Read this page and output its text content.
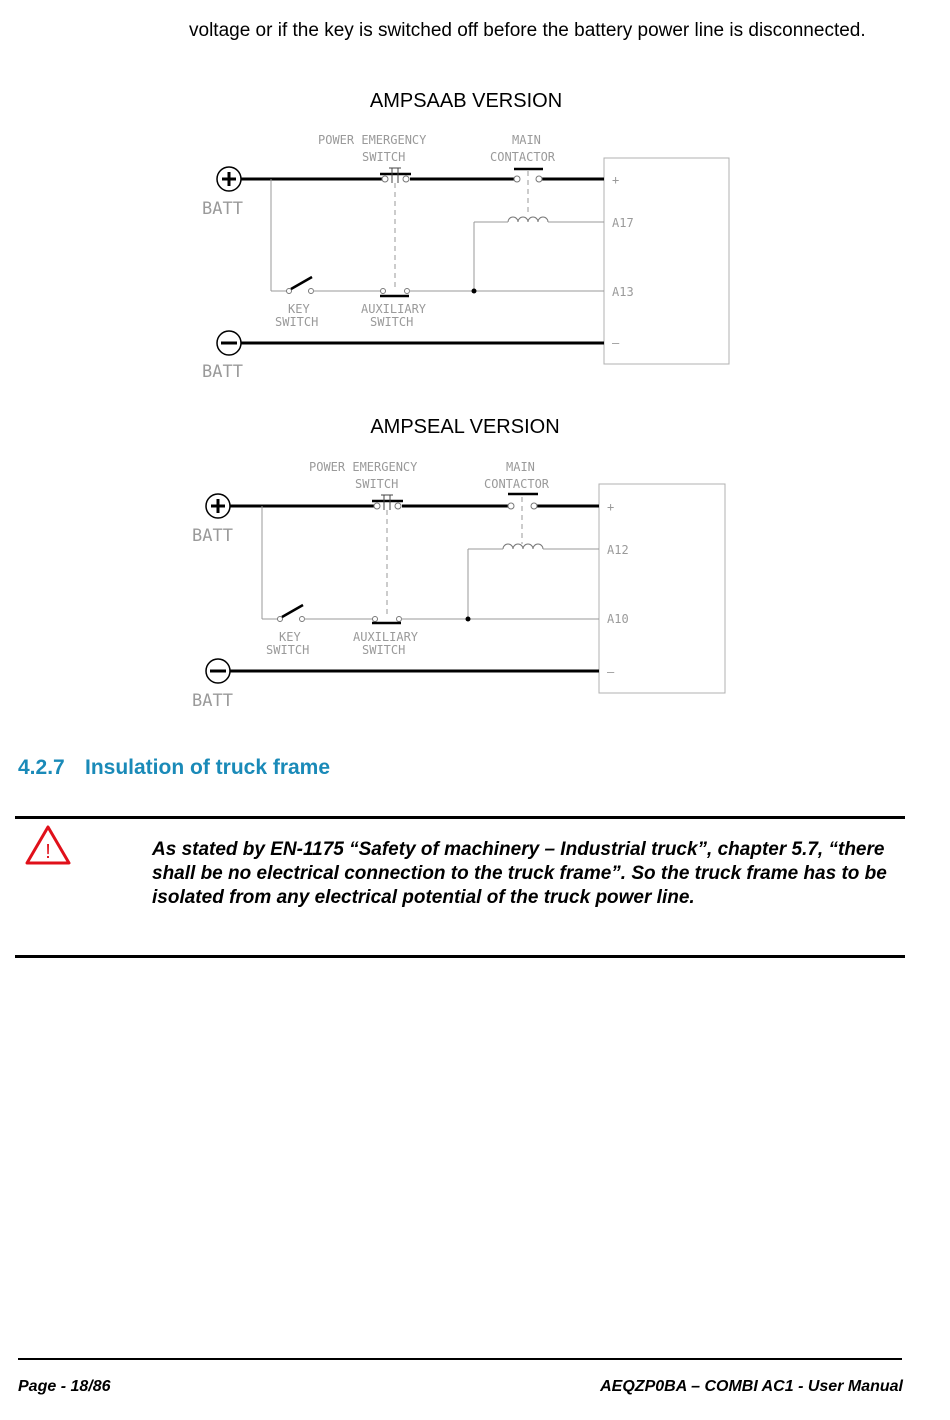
voltage or if the key is switched off before the battery power line is disconnected.

AMPSAAB VERSION
BATT
POWER EMERGENCY
SWITCH
MAIN
CONTACTOR
KEY
SWITCH
AUXILIARY
SWITCH
BATT
+
A17
A13
–
AMPSEAL VERSION
BATT
POWER EMERGENCY
SWITCH
MAIN
CONTACTOR
KEY
SWITCH
AUXILIARY
SWITCH
BATT
+
A12
A10
–
4.2.7 Insulation of truck frame
!	As stated by EN-1175 “Safety of machinery – Industrial truck”, chapter 5.7, “there shall be no electrical connection to the truck frame”. So the truck frame has to be isolated from any electrical potential of the truck power line.

Page - 18/86	AEQZP0BA – COMBI AC1 - User Manual
